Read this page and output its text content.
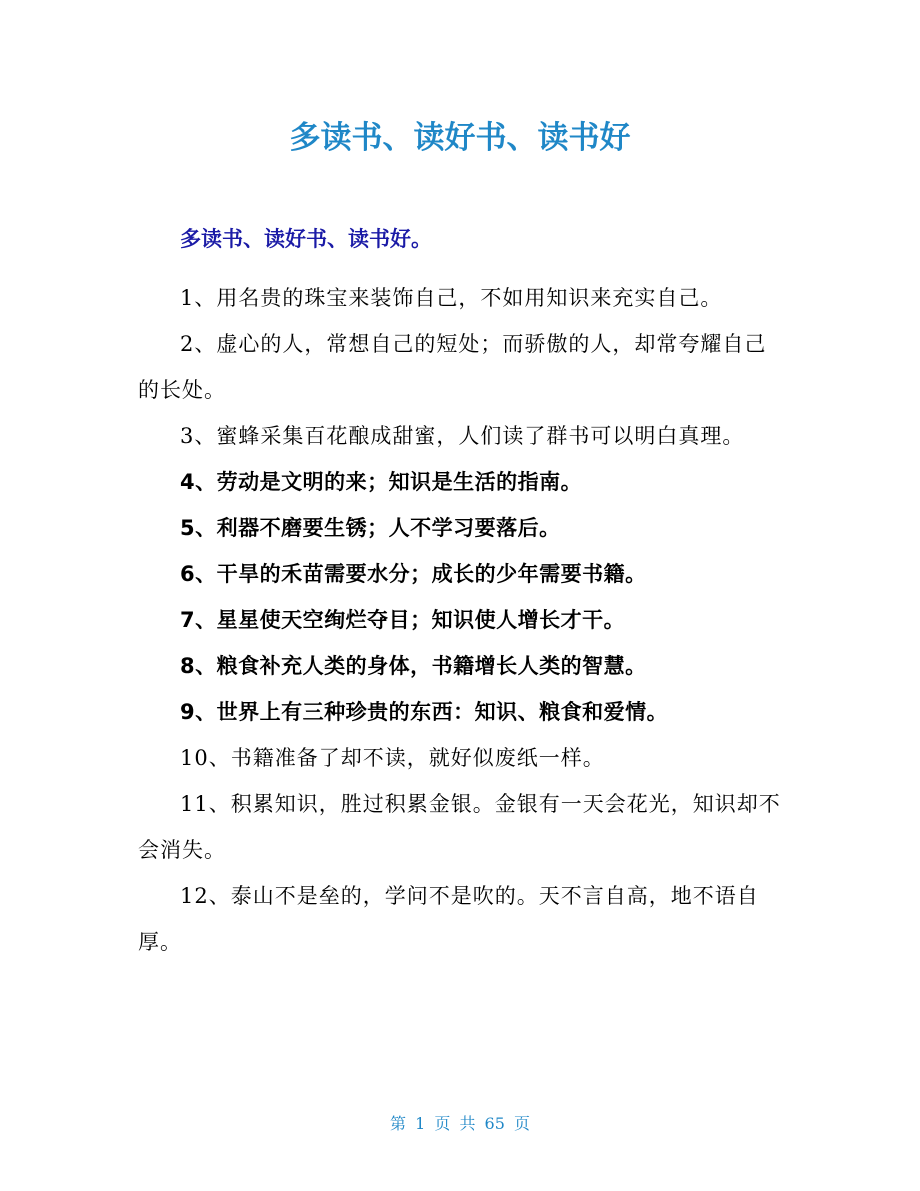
多读书、读好书、读书好
多读书、读好书、读书好。

1、用名贵的珠宝来装饰自己，不如用知识来充实自己。

2、虚心的人，常想自己的短处；而骄傲的人，却常夸耀自己的长处。

3、蜜蜂采集百花酿成甜蜜，人们读了群书可以明白真理。

4、劳动是文明的来；知识是生活的指南。

5、利器不磨要生锈；人不学习要落后。

6、干旱的禾苗需要水分；成长的少年需要书籍。

7、星星使天空绚烂夺目；知识使人增长才干。

8、粮食补充人类的身体，书籍增长人类的智慧。

9、世界上有三种珍贵的东西：知识、粮食和爱情。

10、书籍准备了却不读，就好似废纸一样。

11、积累知识，胜过积累金银。金银有一天会花光，知识却不会消失。

12、泰山不是垒的，学问不是吹的。天不言自高，地不语自厚。

第 1 页 共 65 页
